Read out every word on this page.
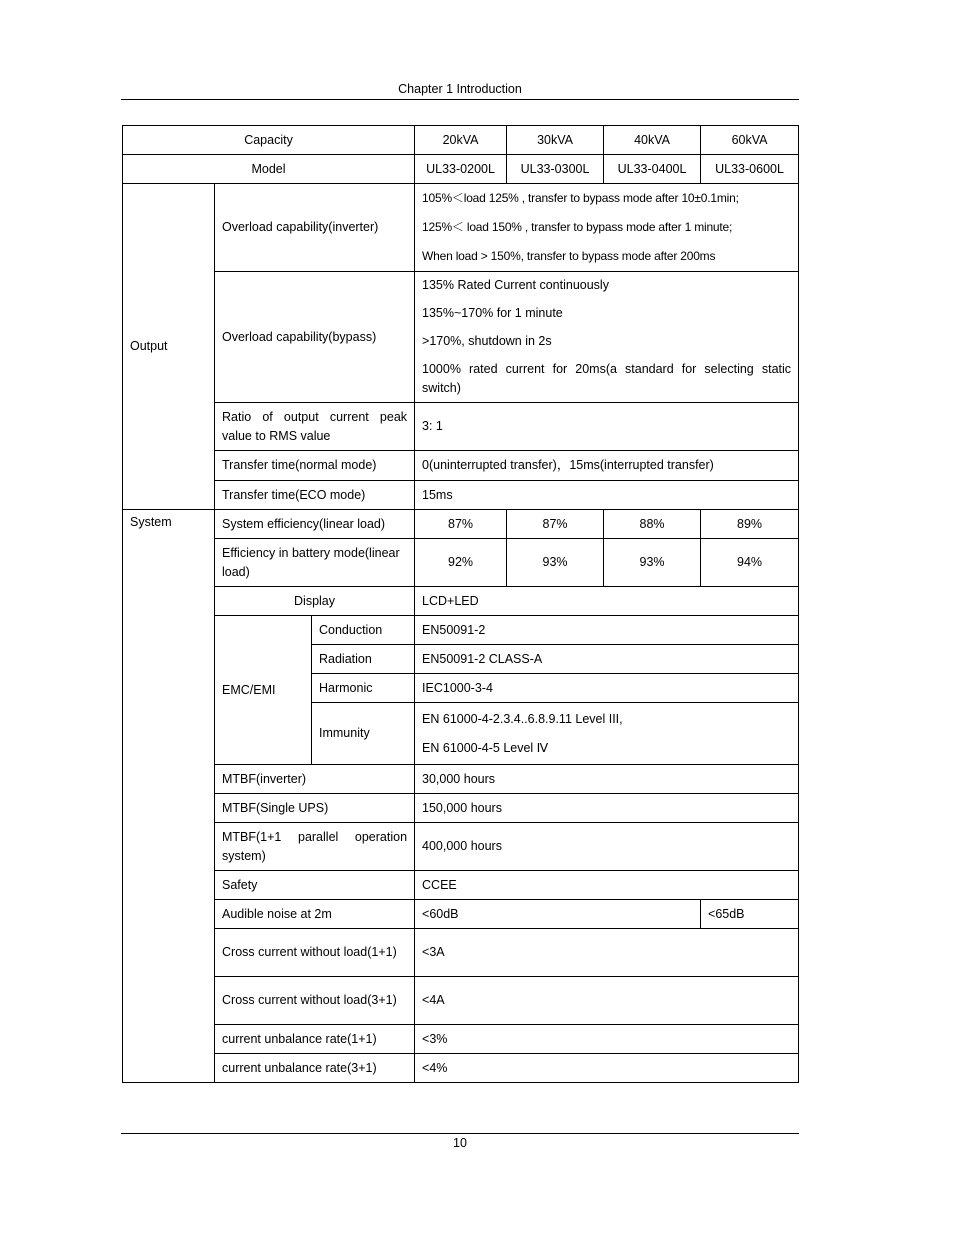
Chapter 1 Introduction
Capacity			20kVA	30kVA	40kVA	60kVA
Model			UL33-0200L	UL33-0300L	UL33-0400L	UL33-0600L
Output	Overload capability(inverter)		105%＜load 125% , transfer to bypass mode after 10±0.1min;
125%＜ load 150% , transfer to bypass mode after 1 minute;
When load > 150%, transfer to bypass mode after 200ms			

	Overload capability(bypass)		135% Rated Current continuously
135%~170% for 1 minute
>170%, shutdown in 2s
1000% rated current for 20ms(a standard for selecting static switch)			

	Ratio of output current peak value to RMS value		3: 1			
	Transfer time(normal mode)		0(uninterrupted transfer)，15ms(interrupted transfer)			
	Transfer time(ECO mode)		15ms			
System	System efficiency(linear load)		87%	87%	88%	89%
	Efficiency in battery mode(linear load)		92%	93%	93%	94%
	Display		LCD+LED			
	EMC/EMI	Conduction	EN50091-2			
		Radiation	EN50091-2 CLASS-A			
		Harmonic	IEC1000-3-4			
		Immunity	EN 61000-4-2.3.4..6.8.9.11 Level III,
EN 61000-4-5 Level Ⅳ			

	MTBF(inverter)		30,000 hours			
	MTBF(Single UPS)		150,000 hours			
	MTBF(1+1 parallel operation system)		400,000 hours			
	Safety		CCEE			
	Audible noise at 2m		<60dB			<65dB
	Cross current without load(1+1)		<3A			
	Cross current without load(3+1)		<4A			
	current unbalance rate(1+1)		<3%			
	current unbalance rate(3+1)		<4%			
10
